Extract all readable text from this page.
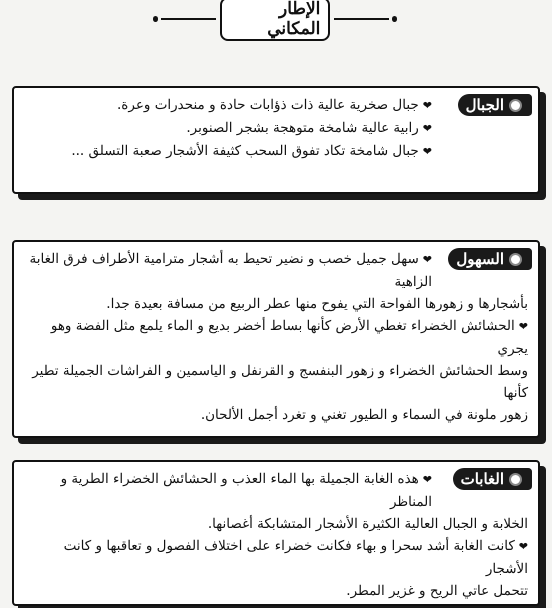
الإطار المكاني
الجبال

❤جبال صخرية عالية ذات ذؤابات حادة و منحدرات وعرة.

❤رابية عالية شامخة متوهجة بشجر الصنوبر.

❤جبال شامخة تكاد تفوق السحب كثيفة الأشجار صعبة التسلق ...

السهول

❤سهل جميل خصب و نضير تحيط به أشجار مترامية الأطراف فرق الغابة الزاهية

بأشجارها و زهورها الفواحة التي يفوح منها عطر الربيع من مسافة بعيدة جدا.

❤الحشائش الخضراء تغطي الأرض كأنها بساط أخضر بديع و الماء يلمع مثل الفضة وهو يجري

وسط الحشائش الخضراء و زهور البنفسج و القرنفل و الياسمين و الفراشات الجميلة تطير كأنها

زهور ملونة في السماء و الطيور تغني و تغرد أجمل الألحان.

الغابات

❤هذه الغابة الجميلة بها الماء العذب و الحشائش الخضراء الطرية و المناظر

الخلابة و الجبال العالية الكثيرة الأشجار المتشابكة أغصانها.

❤كانت الغابة أشد سحرا و بهاء فكانت خضراء على اختلاف الفصول و تعاقبها و كانت الأشجار

تتحمل عاتي الريح و غزير المطر.
